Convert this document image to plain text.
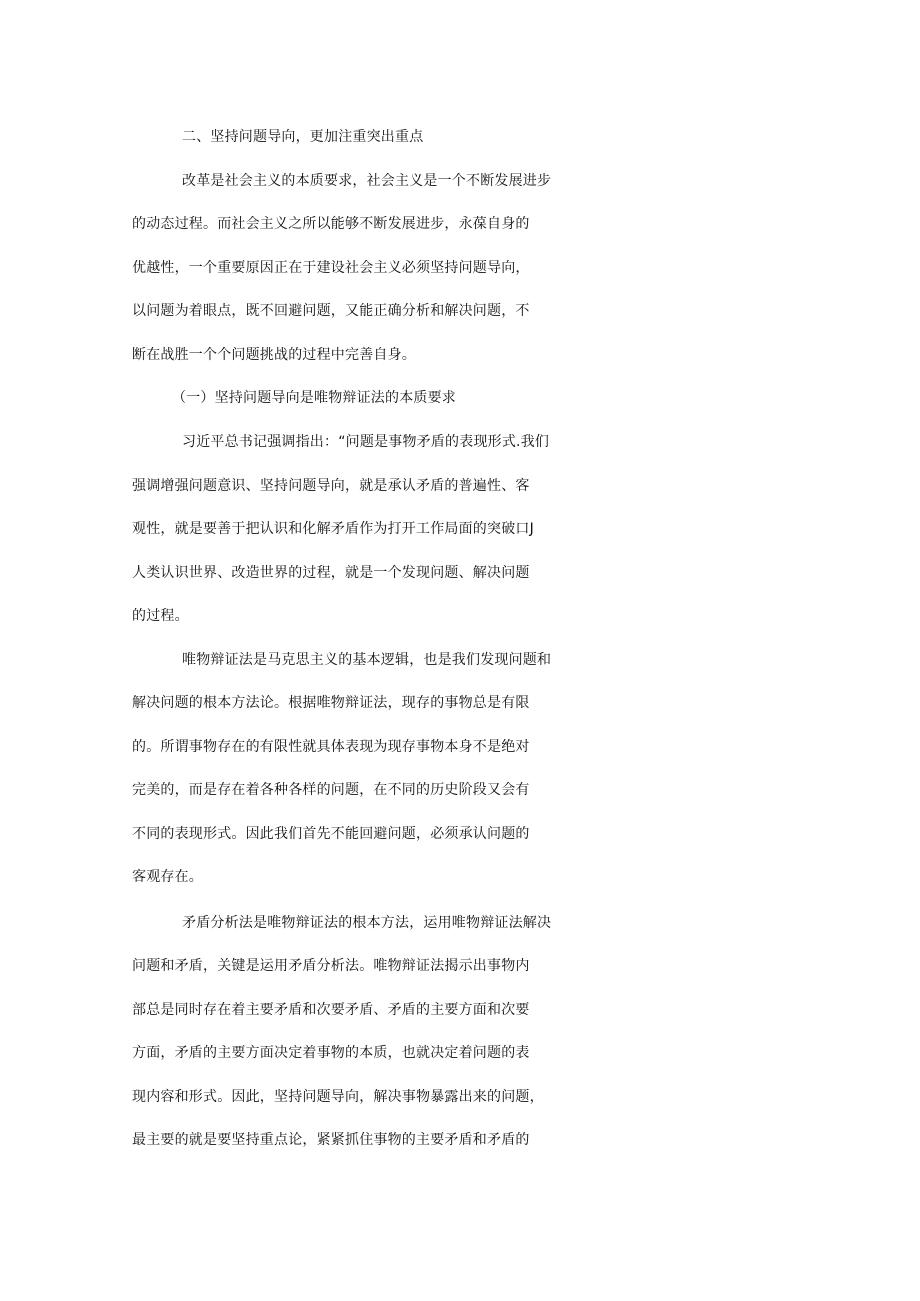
二、坚持问题导向，更加注重突出重点
改革是社会主义的本质要求，社会主义是一个不断发展进步
的动态过程。而社会主义之所以能够不断发展进步，永葆自身的
优越性，一个重要原因正在于建设社会主义必须坚持问题导向，
以问题为着眼点，既不回避问题，又能正确分析和解决问题，不
断在战胜一个个问题挑战的过程中完善自身。
（一）坚持问题导向是唯物辩证法的本质要求
习近平总书记强调指出：“问题是事物矛盾的表现形式.我们
强调增强问题意识、坚持问题导向，就是承认矛盾的普遍性、客
观性，就是要善于把认识和化解矛盾作为打开工作局面的突破口J
人类认识世界、改造世界的过程，就是一个发现问题、解决问题
的过程。
唯物辩证法是马克思主义的基本逻辑，也是我们发现问题和
解决问题的根本方法论。根据唯物辩证法，现存的事物总是有限
的。所谓事物存在的有限性就具体表现为现存事物本身不是绝对
完美的，而是存在着各种各样的问题，在不同的历史阶段又会有
不同的表现形式。因此我们首先不能回避问题，必须承认问题的
客观存在。
矛盾分析法是唯物辩证法的根本方法，运用唯物辩证法解决
问题和矛盾，关键是运用矛盾分析法。唯物辩证法揭示出事物内
部总是同时存在着主要矛盾和次要矛盾、矛盾的主要方面和次要
方面，矛盾的主要方面决定着事物的本质，也就决定着问题的表
现内容和形式。因此，坚持问题导向，解决事物暴露出来的问题，
最主要的就是要坚持重点论，紧紧抓住事物的主要矛盾和矛盾的
